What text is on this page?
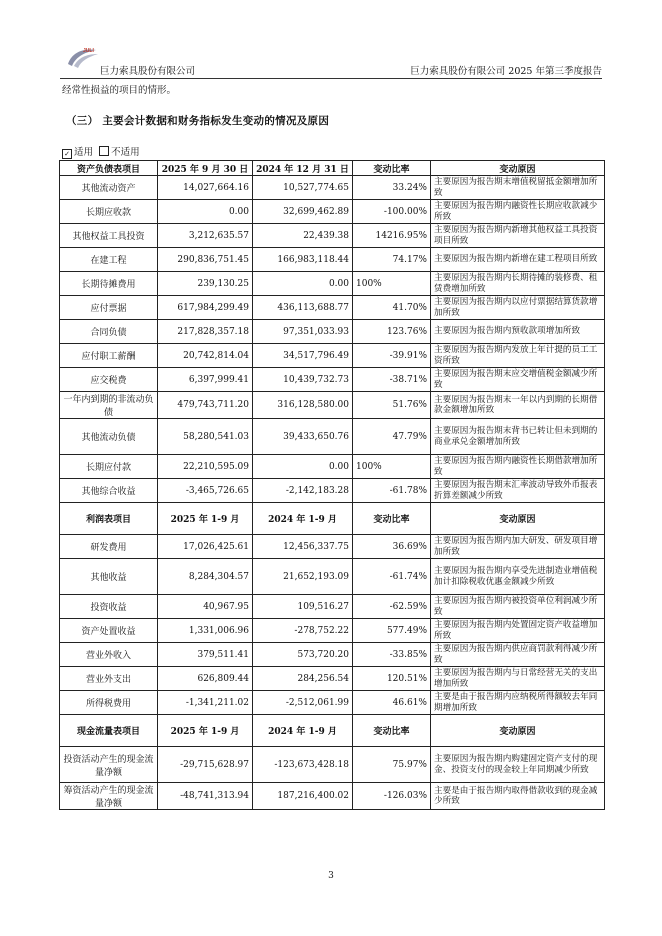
JULI
巨力索具股份有限公司	巨力索具股份有限公司 2025 年第三季度报告
经常性损益的项目的情形。
（三） 主要会计数据和财务指标发生变动的情况及原因
✓ 适用 不适用
资产负债表项目	2025 年 9 月 30 日	2024 年 12 月 31 日	变动比率	变动原因
其他流动资产	14,027,664.16	10,527,774.65	33.24%	主要原因为报告期末增值税留抵金额增加所致
长期应收款	0.00	32,699,462.89	-100.00%	主要原因为报告期内融资性长期应收款减少所致
其他权益工具投资	3,212,635.57	22,439.38	14216.95%	主要原因为报告期内新增其他权益工具投资项目所致
在建工程	290,836,751.45	166,983,118.44	74.17%	主要原因为报告期内新增在建工程项目所致
长期待摊费用	239,130.25	0.00	100%	主要原因为报告期内长期待摊的装修费、租赁费增加所致
应付票据	617,984,299.49	436,113,688.77	41.70%	主要原因为报告期内以应付票据结算货款增加所致
合同负债	217,828,357.18	97,351,033.93	123.76%	主要原因为报告期内预收款项增加所致
应付职工薪酬	20,742,814.04	34,517,796.49	-39.91%	主要原因为报告期内发放上年计提的员工工资所致
应交税费	6,397,999.41	10,439,732.73	-38.71%	主要原因为报告期末应交增值税金额减少所致
一年内到期的非流动负债	479,743,711.20	316,128,580.00	51.76%	主要原因为报告期末一年以内到期的长期借款金额增加所致
其他流动负债	58,280,541.03	39,433,650.76	47.79%	主要原因为报告期末背书已转让但未到期的商业承兑金额增加所致
长期应付款	22,210,595.09	0.00	100%	主要原因为报告期内融资性长期借款增加所致
其他综合收益	-3,465,726.65	-2,142,183.28	-61.78%	主要原因为报告期末汇率波动导致外币报表折算差额减少所致
利润表项目	2025 年 1-9 月	2024 年 1-9 月	变动比率	变动原因
研发费用	17,026,425.61	12,456,337.75	36.69%	主要原因为报告期内加大研发、研发项目增加所致
其他收益	8,284,304.57	21,652,193.09	-61.74%	主要原因为报告期内享受先进制造业增值税加计扣除税收优惠金额减少所致
投资收益	40,967.95	109,516.27	-62.59%	主要原因为报告期内被投资单位利润减少所致
资产处置收益	1,331,006.96	-278,752.22	577.49%	主要原因为报告期内处置固定资产收益增加所致
营业外收入	379,511.41	573,720.20	-33.85%	主要原因为报告期内供应商罚款利得减少所致
营业外支出	626,809.44	284,256.54	120.51%	主要原因为报告期内与日常经营无关的支出增加所致
所得税费用	-1,341,211.02	-2,512,061.99	46.61%	主要是由于报告期内应纳税所得额较去年同期增加所致
现金流量表项目	2025 年 1-9 月	2024 年 1-9 月	变动比率	变动原因
投资活动产生的现金流量净额	-29,715,628.97	-123,673,428.18	75.97%	主要原因为报告期内购建固定资产支付的现金、投资支付的现金较上年同期减少所致
筹资活动产生的现金流量净额	-48,741,313.94	187,216,400.02	-126.03%	主要是由于报告期内取得借款收到的现金减少所致
3
